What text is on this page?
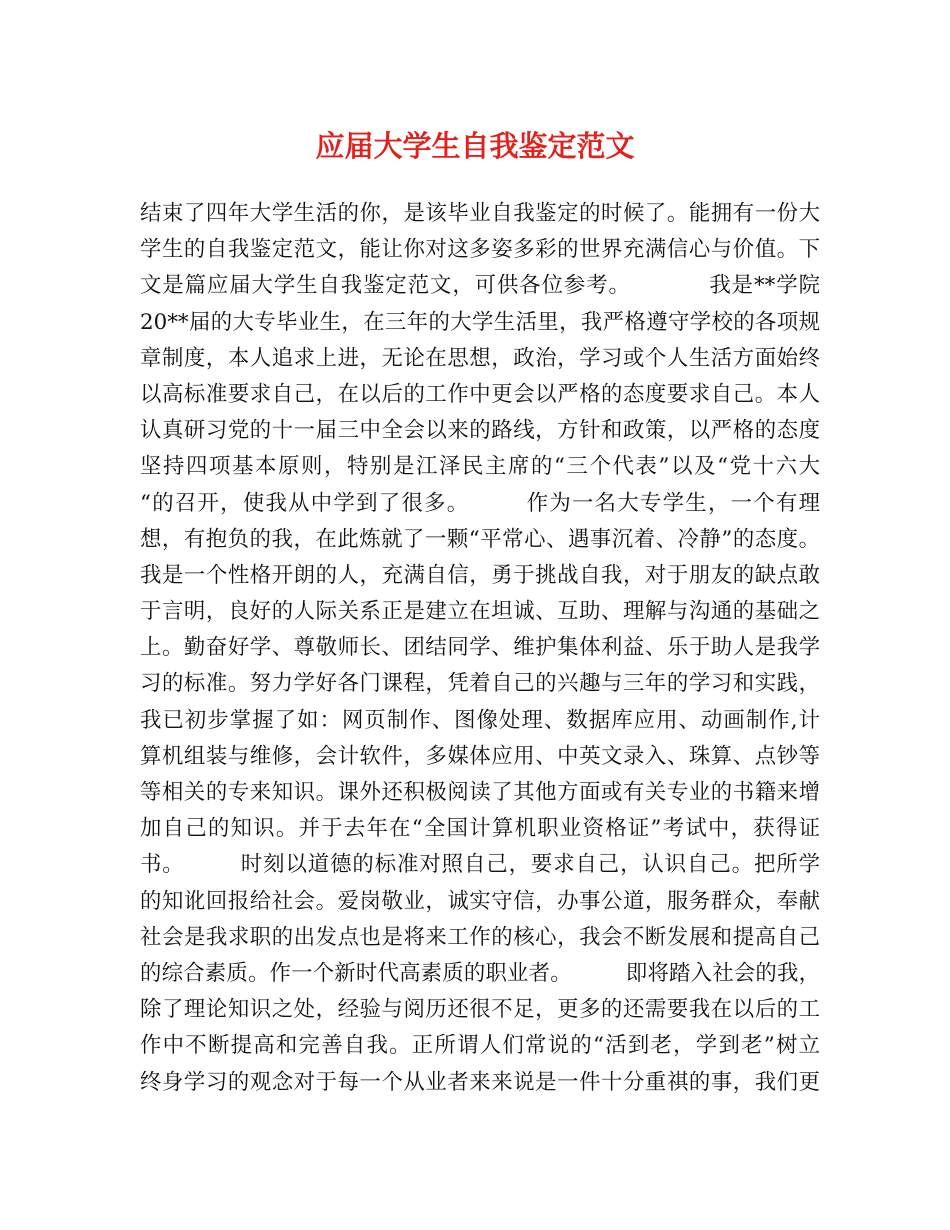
应届大学生自我鉴定范文
结束了四年大学生活的你，是该毕业自我鉴定的时候了。能拥有一份大
学生的自我鉴定范文，能让你对这多姿多彩的世界充满信心与价值。下
文是篇应届大学生自我鉴定范文，可供各位参考。　　　　我是**学院
20**届的大专毕业生，在三年的大学生活里，我严格遵守学校的各项规
章制度，本人追求上进，无论在思想，政治，学习或个人生活方面始终
以高标准要求自己，在以后的工作中更会以严格的态度要求自己。本人
认真研习党的十一届三中全会以来的路线，方针和政策，以严格的态度
坚持四项基本原则，特别是江泽民主席的“三个代表”以及“党十六大
“的召开，使我从中学到了很多。　　　作为一名大专学生，一个有理
想，有抱负的我，在此炼就了一颗“平常心、遇事沉着、冷静”的态度。
我是一个性格开朗的人，充满自信，勇于挑战自我，对于朋友的缺点敢
于言明，良好的人际关系正是建立在坦诚、互助、理解与沟通的基础之
上。勤奋好学、尊敬师长、团结同学、维护集体利益、乐于助人是我学
习的标准。努力学好各门课程，凭着自己的兴趣与三年的学习和实践，
我已初步掌握了如：网页制作、图像处理、数据库应用、动画制作,计
算机组装与维修，会计软件，多媒体应用、中英文录入、珠算、点钞等
等相关的专来知识。课外还积极阅读了其他方面或有关专业的书籍来增
加自己的知识。并于去年在“全国计算机职业资格证”考试中，获得证
书。　　　时刻以道德的标准对照自己，要求自己，认识自己。把所学
的知讹回报给社会。爱岗敬业，诚实守信，办事公道，服务群众，奉献
社会是我求职的出发点也是将来工作的核心，我会不断发展和提高自己
的综合素质。作一个新时代高素质的职业者。　　　即将踏入社会的我，
除了理论知识之处，经验与阅历还很不足，更多的还需要我在以后的工
作中不断提高和完善自我。正所谓人们常说的“活到老，学到老”树立
终身学习的观念对于每一个从业者来来说是一件十分重祺的事，我们更
